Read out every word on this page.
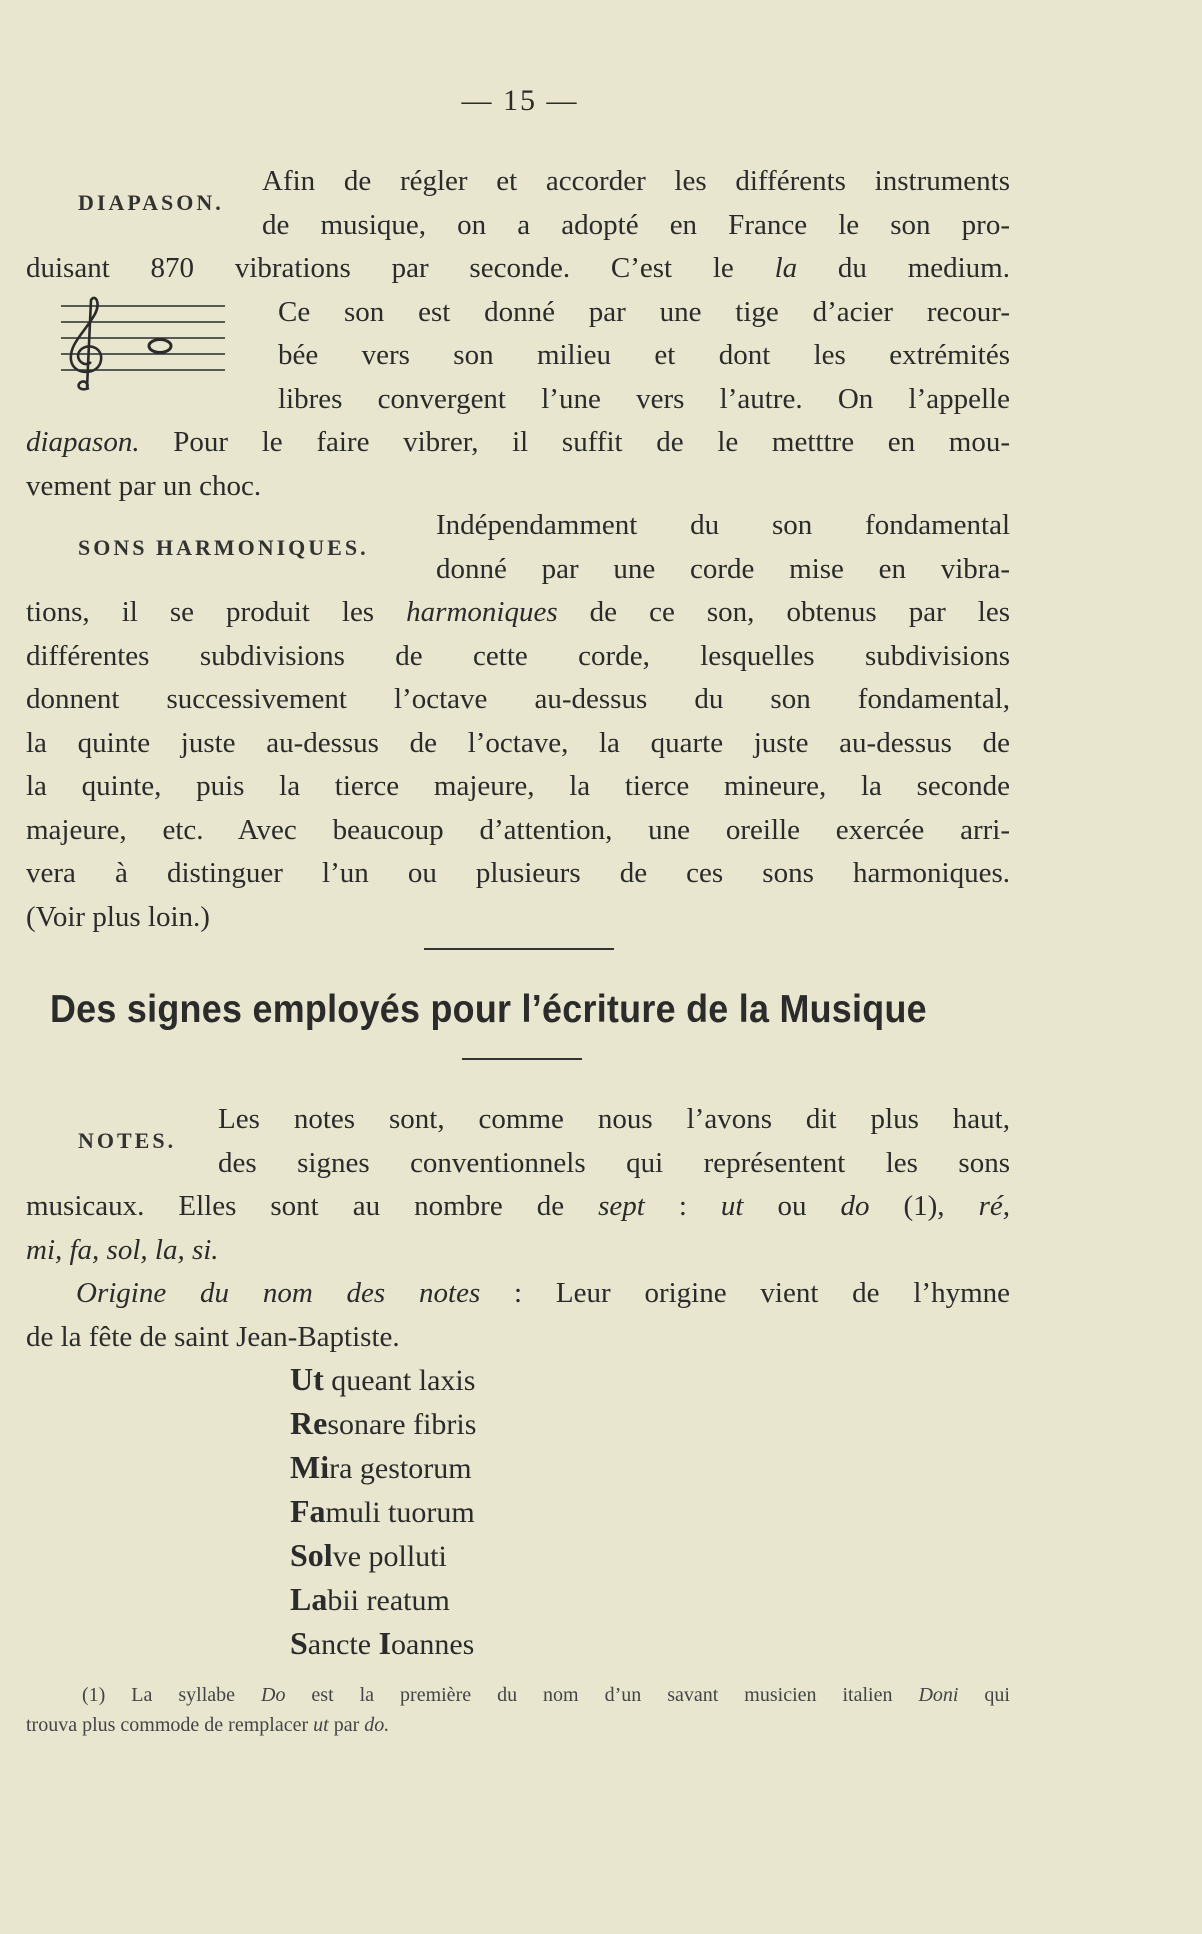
— 15 —
DIAPASON.
Afin de régler et accorder les différents instruments
de musique, on a adopté en France le son pro-
duisant 870 vibrations par seconde. C’est le la du medium.
Ce son est donné par une tige d’acier recour-
bée vers son milieu et dont les extrémités
libres convergent l’une vers l’autre. On l’appelle
diapason. Pour le faire vibrer, il suffit de le metttre en mou-
vement par un choc.
SONS HARMONIQUES.
Indépendamment du son fondamental
donné par une corde mise en vibra-
tions, il se produit les harmoniques de ce son, obtenus par les
différentes subdivisions de cette corde, lesquelles subdivisions
donnent successivement l’octave au-dessus du son fondamental,
la quinte juste au-dessus de l’octave, la quarte juste au-dessus de
la quinte, puis la tierce majeure, la tierce mineure, la seconde
majeure, etc. Avec beaucoup d’attention, une oreille exercée arri-
vera à distinguer l’un ou plusieurs de ces sons harmoniques.
(Voir plus loin.)
Des signes employés pour l’écriture de la Musique
NOTES.
Les notes sont, comme nous l’avons dit plus haut,
des signes conventionnels qui représentent les sons
musicaux. Elles sont au nombre de sept : ut ou do (1), ré,
mi, fa, sol, la, si.
Origine du nom des notes : Leur origine vient de l’hymne
de la fête de saint Jean-Baptiste.
Ut queant laxis
Resonare fibris
Mira gestorum
Famuli tuorum
Solve polluti
Labii reatum
Sancte Ioannes
(1) La syllabe Do est la première du nom d’un savant musicien italien Doni qui
trouva plus commode de remplacer ut par do.
